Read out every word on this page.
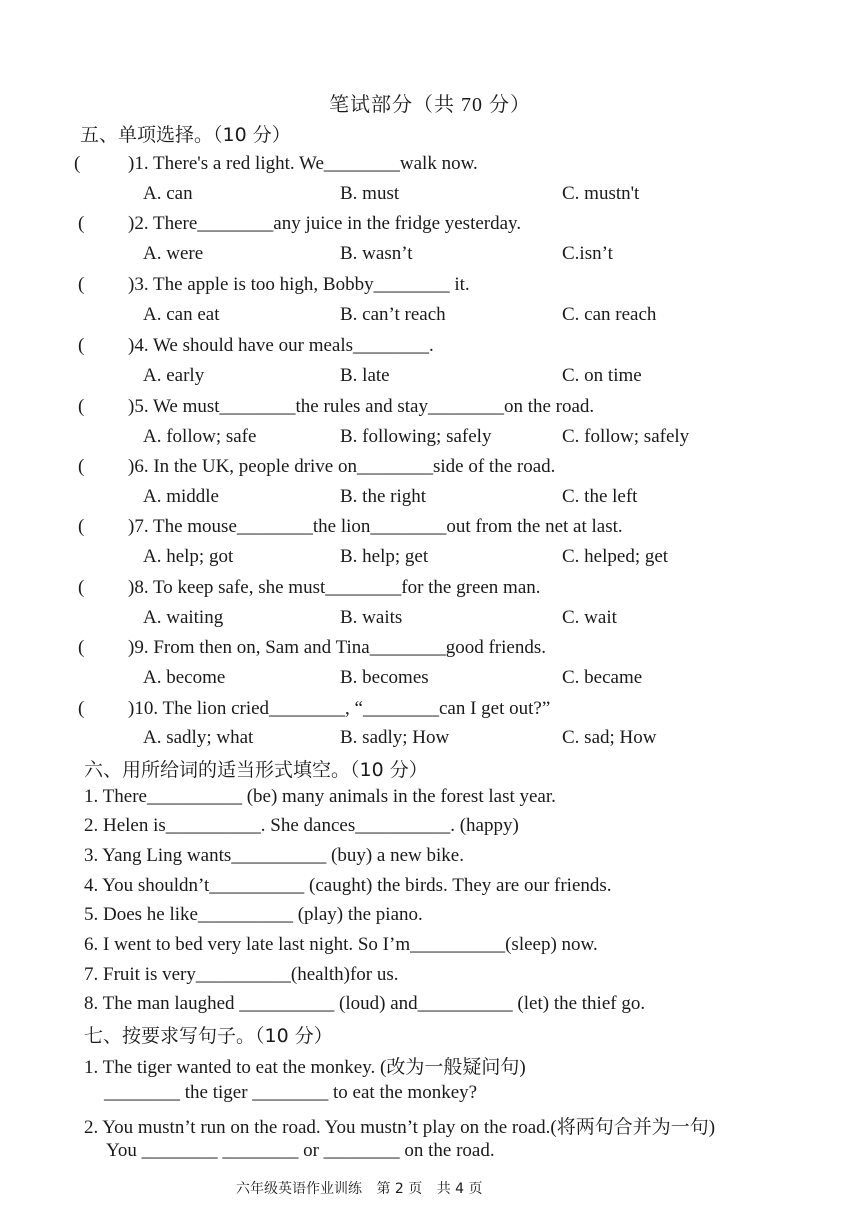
笔试部分（共 70 分）
五、单项选择。（10 分）
(	)1. There's a red light. We________walk now.
A. can	B. must	C. mustn't
( )2. There________any juice in the fridge yesterday.
A. were	B. wasn’t	C.isn’t
( )3. The apple is too high, Bobby________ it.
A. can eat	B. can’t reach	C. can reach
( )4. We should have our meals________.
A. early	B. late	C. on time
( )5. We must________the rules and stay________on the road.
A. follow; safe	B. following; safely	C. follow; safely
( )6. In the UK, people drive on________side of the road.
A. middle	B. the right	C. the left
( )7. The mouse________the lion________out from the net at last.
A. help; got	B. help; get	C. helped; get
( )8. To keep safe, she must________for the green man.
A. waiting	B. waits	C. wait
( )9. From then on, Sam and Tina________good friends.
A. become	B. becomes	C. became
( )10. The lion cried________, “________can I get out?”
A. sadly; what	B. sadly; How	C. sad; How
六、用所给词的适当形式填空。（10 分）
1. There__________ (be) many animals in the forest last year.
2. Helen is__________. She dances__________. (happy)
3. Yang Ling wants__________ (buy) a new bike.
4. You shouldn’t__________ (caught) the birds. They are our friends.
5. Does he like__________ (play) the piano.
6. I went to bed very late last night. So I’m__________(sleep) now.
7. Fruit is very__________(health)for us.
8. The man laughed __________ (loud) and__________ (let) the thief go.
七、按要求写句子。（10 分）
1. The tiger wanted to eat the monkey. (改为一般疑问句)
________ the tiger ________ to eat the monkey?
2. You mustn’t run on the road. You mustn’t play on the road.(将两句合并为一句)
You ________ ________ or ________ on the road.
六年级英语作业训练 第 2 页 共 4 页
